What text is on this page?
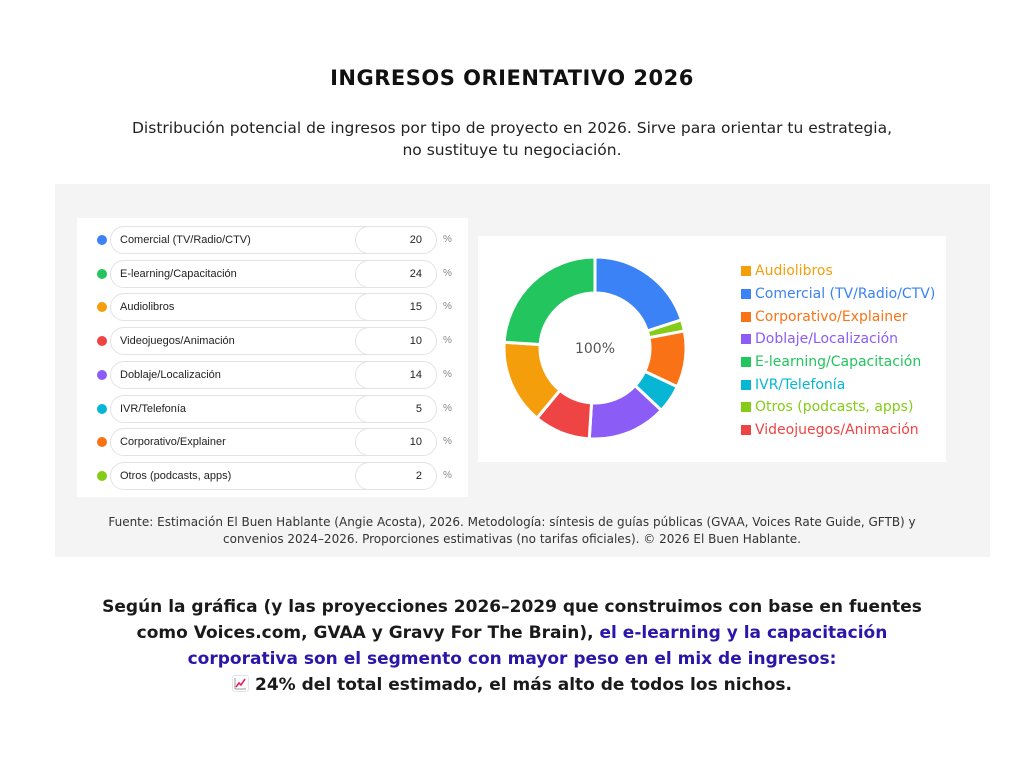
INGRESOS ORIENTATIVO 2026
Distribución potencial de ingresos por tipo de proyecto en 2026. Sirve para orientar tu estrategia, no sustituye tu negociación.
Comercial (TV/Radio/CTV)	20	%
E-learning/Capacitación	24	%
Audiolibros	15	%
Videojuegos/Animación	10	%
Doblaje/Localización	14	%
IVR/Telefonía	5	%
Corporativo/Explainer	10	%
Otros (podcasts, apps)	2	%
100%
Audiolibros
Comercial (TV/Radio/CTV)
Corporativo/Explainer
Doblaje/Localización
E-learning/Capacitación
IVR/Telefonía
Otros (podcasts, apps)
Videojuegos/Animación
Fuente: Estimación El Buen Hablante (Angie Acosta), 2026. Metodología: síntesis de guías públicas (GVAA, Voices Rate Guide, GFTB) y convenios 2024–2026. Proporciones estimativas (no tarifas oficiales). © 2026 El Buen Hablante.
Según la gráfica (y las proyecciones 2026–2029 que construimos con base en fuentes como Voices.com, GVAA y Gravy For The Brain), el e-learning y la capacitación corporativa son el segmento con mayor peso en el mix de ingresos:

24% del total estimado, el más alto de todos los nichos.
